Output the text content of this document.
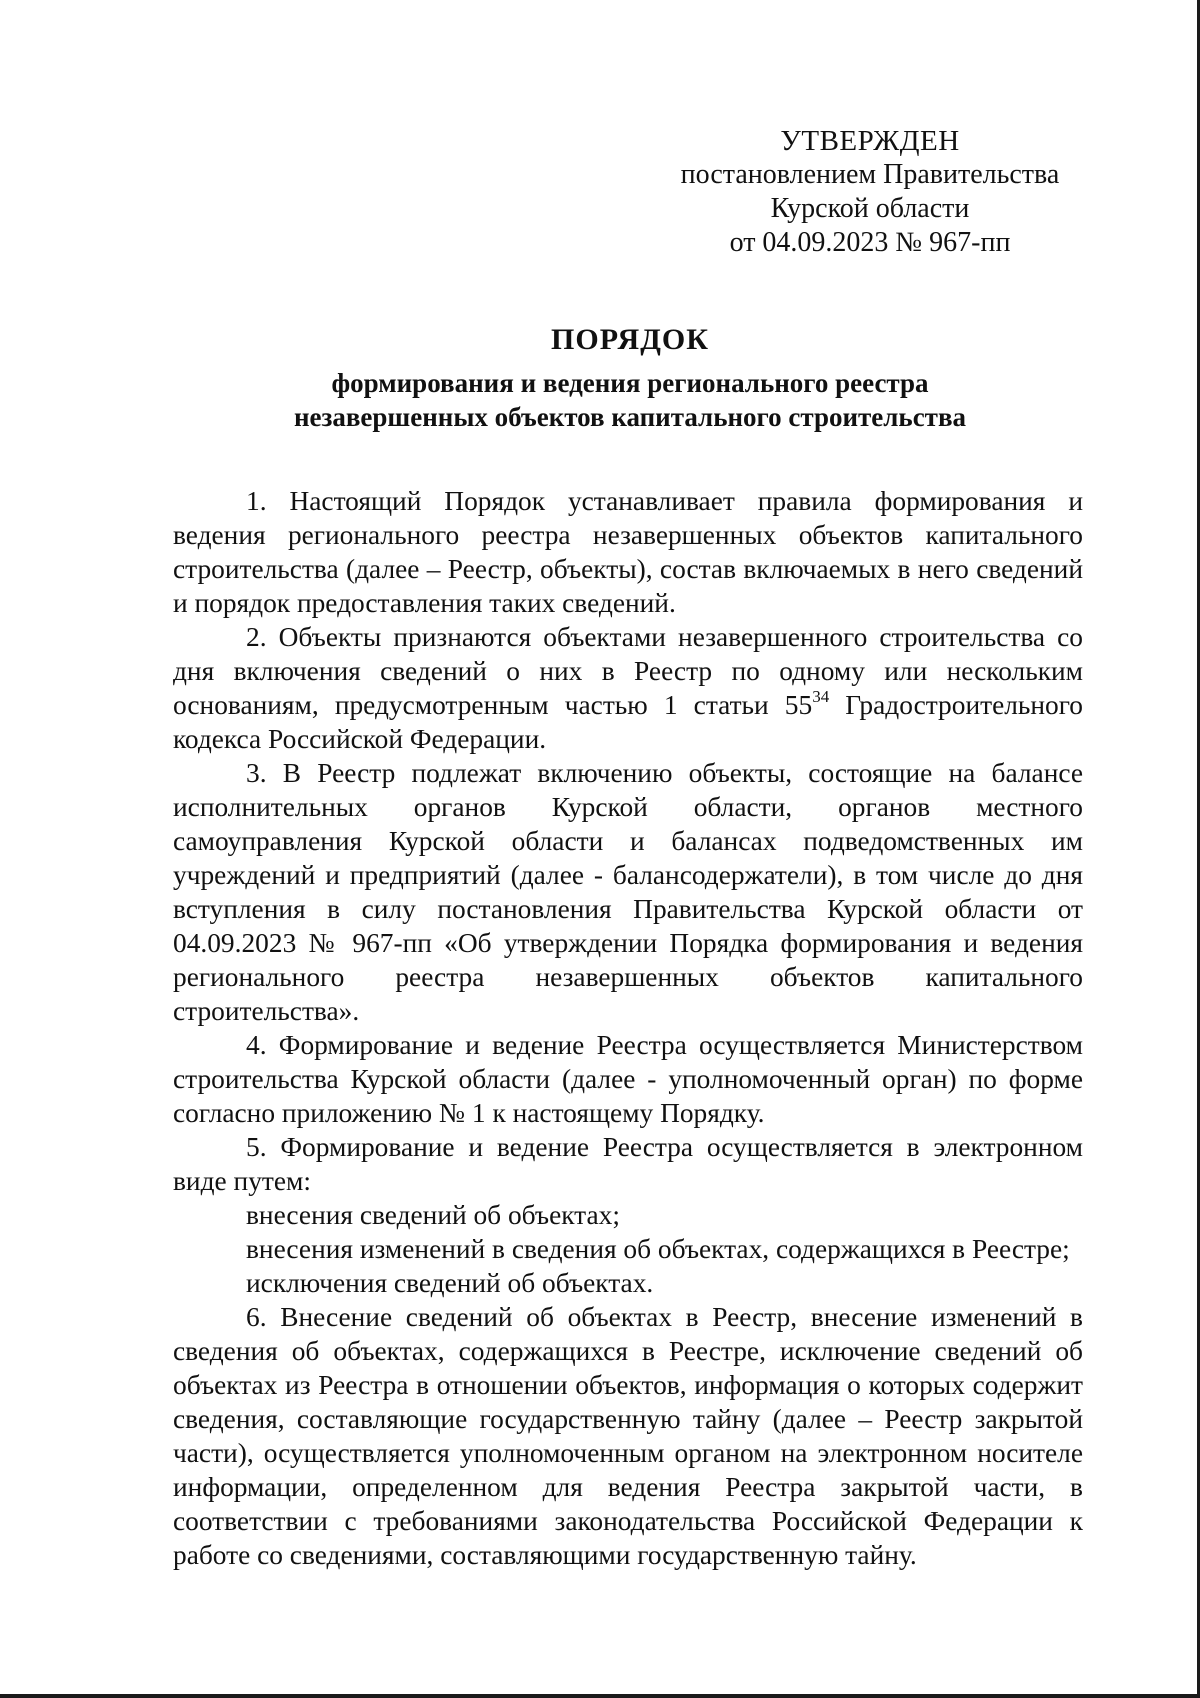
УТВЕРЖДЕН
постановлением Правительства
Курской области
от 04.09.2023 № 967-пп
ПОРЯДОК
формирования и ведения регионального реестра
незавершенных объектов капитального строительства

1. Настоящий Порядок устанавливает правила формирования и ведения регионального реестра незавершенных объектов капитального строительства (далее – Реестр, объекты), состав включаемых в него сведений и порядок предоставления таких сведений.

2. Объекты признаются объектами незавершенного строительства со дня включения сведений о них в Реестр по одному или нескольким основаниям, предусмотренным частью 1 статьи $55^{34}$ Градостроительного кодекса Российской Федерации.

3. В Реестр подлежат включению объекты, состоящие на балансе исполнительных органов Курской области, органов местного самоуправления Курской области и балансах подведомственных им учреждений и предприятий (далее - балансодержатели), в том числе до дня вступления в силу постановления Правительства Курской области от 04.09.2023 № 967-пп «Об утверждении Порядка формирования и ведения регионального реестра незавершенных объектов капитального строительства».

4. Формирование и ведение Реестра осуществляется Министерством строительства Курской области (далее - уполномоченный орган) по форме согласно приложению № 1 к настоящему Порядку.

5. Формирование и ведение Реестра осуществляется в электронном виде путем:

внесения сведений об объектах;

внесения изменений в сведения об объектах, содержащихся в Реестре;

исключения сведений об объектах.

6. Внесение сведений об объектах в Реестр, внесение изменений в сведения об объектах, содержащихся в Реестре, исключение сведений об объектах из Реестра в отношении объектов, информация о которых содержит сведения, составляющие государственную тайну (далее – Реестр закрытой части), осуществляется уполномоченным органом на электронном носителе информации, определенном для ведения Реестра закрытой части, в соответствии с требованиями законодательства Российской Федерации к работе со сведениями, составляющими государственную тайну.
